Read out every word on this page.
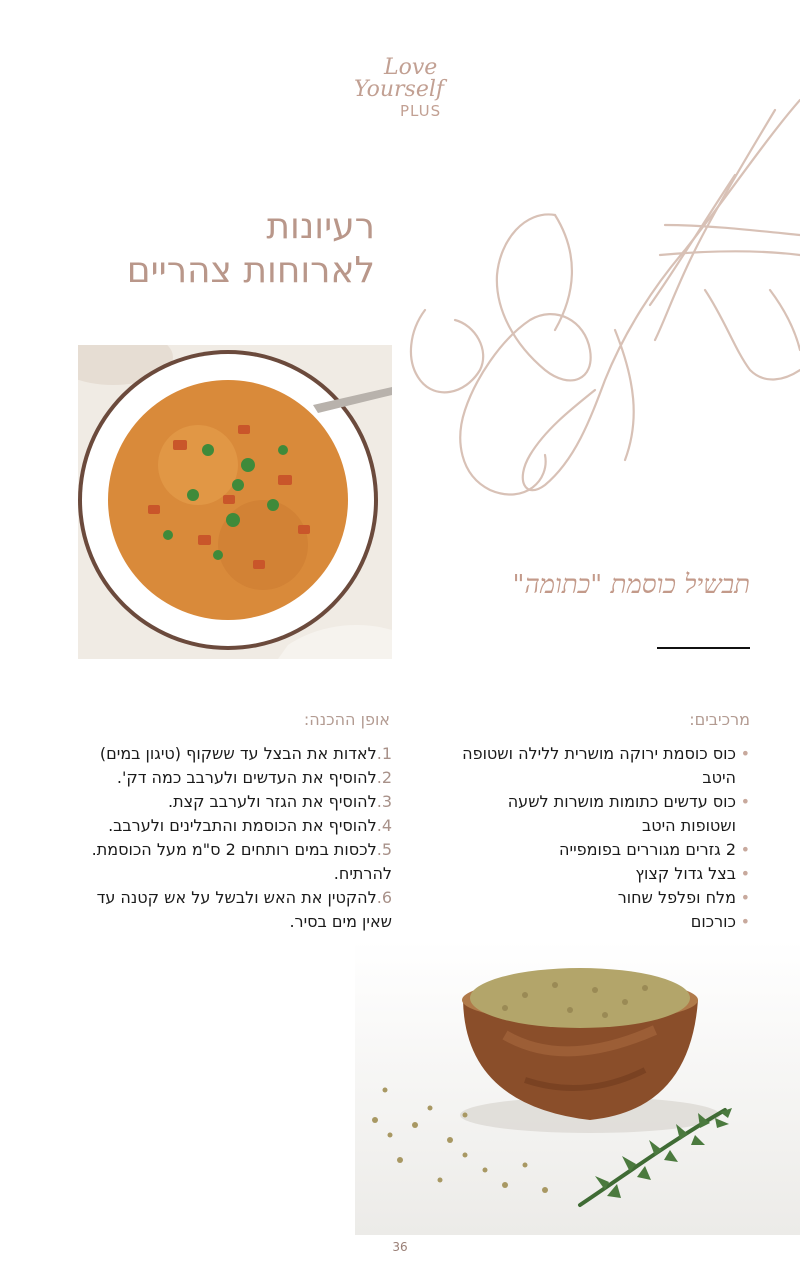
Love
Yourself
PLUS
רעיונות
לארוחות צהריים
תבשיל כוסמת "כתומה"
מרכיבים:
• כוס כוסמת ירוקה מושרית ללילה ושטופה היטב
• כוס עדשים כתומות מושרות לשעה ושטופות היטב
• 2 גזרים מגוררים בפומפייה
• בצל גדול קצוץ
• מלח ופלפל שחור
• כורכום
אופן ההכנה:
1.לאדות את הבצל עד ששקוף (טיגון במים)
2.להוסיף את העדשים ולערבב כמה דק'.
3.להוסיף את הגזר ולערבב קצת.
4.להוסיף את הכוסמת והתבלינים ולערבב.
5.לכסות במים רותחים 2 ס"מ מעל הכוסמת. להרתיח.
6.להקטין את האש ולבשל על אש קטנה עד שאין מים בסיר.
36
